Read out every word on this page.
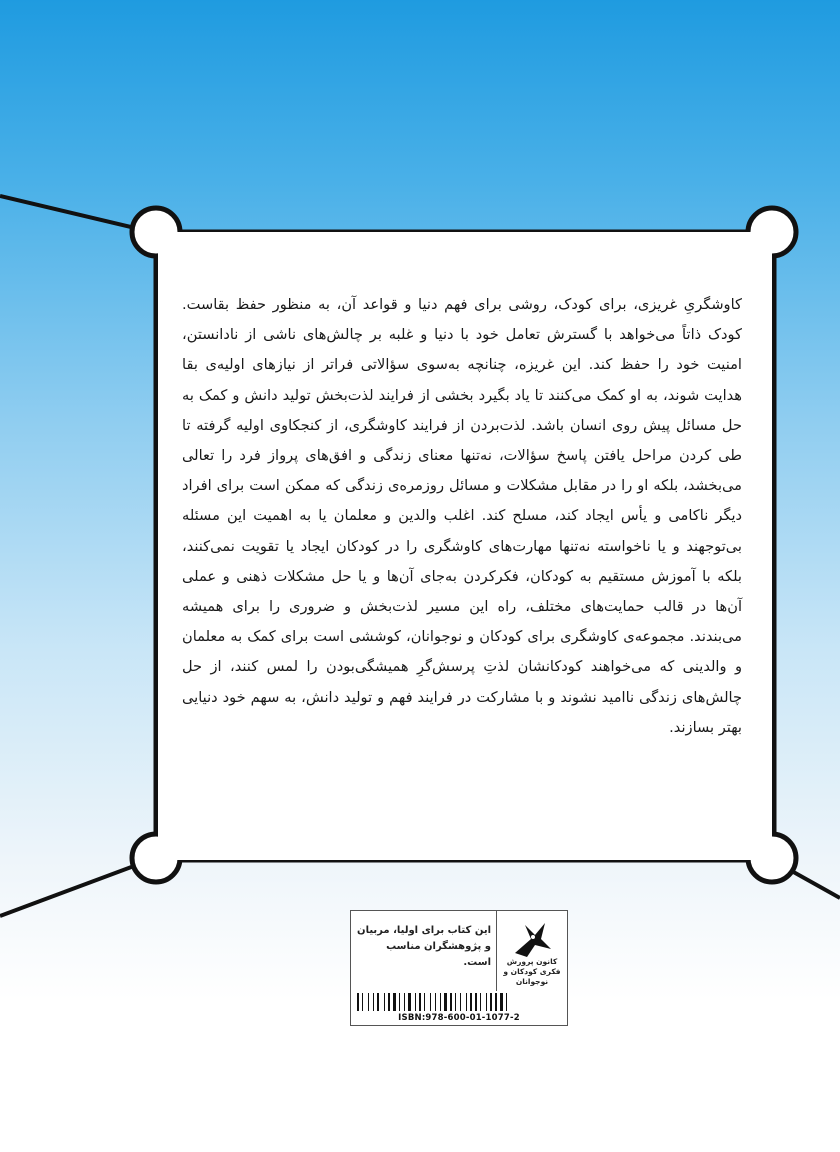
کاوشگریِ غریزی، برای کودک، روشی برای فهم دنیا و قواعد آن، به منظور حفظ بقاست. کودک ذاتاً می‌خواهد با گسترش تعامل خود با دنیا و غلبه بر چالش‌های ناشی از نادانستن، امنیت خود را حفظ کند. این غریزه، چنانچه به‌سوی سؤالاتی فراتر از نیازهای اولیه‌ی بقا هدایت شوند، به او کمک می‌کنند تا یاد بگیرد بخشی از فرایند لذت‌بخش تولید دانش و کمک به حل مسائل پیش روی انسان باشد. لذت‌بردن از فرایند کاوشگری، از کنجکاوی اولیه گرفته تا طی کردن مراحل یافتن پاسخ سؤالات، نه‌تنها معنای زندگی و افق‌های پرواز فرد را تعالی می‌بخشد، بلکه او را در مقابل مشکلات و مسائل روزمره‌ی زندگی که ممکن است برای افراد دیگر ناکامی و یأس ایجاد کند، مسلح کند. اغلب والدین و معلمان یا به اهمیت این مسئله بی‌توجهند و یا ناخواسته نه‌تنها مهارت‌های کاوشگری را در کودکان ایجاد یا تقویت نمی‌کنند، بلکه با آموزش مستقیم به کودکان، فکرکردن به‌جای آن‌ها و یا حل مشکلات ذهنی و عملی آن‌ها در قالب حمایت‌های مختلف، راه این مسیر لذت‌بخش و ضروری را برای همیشه می‌بندند. مجموعه‌ی کاوشگری برای کودکان و نوجوانان، کوششی است برای کمک به معلمان و والدینی که می‌خواهند کودکانشان لذتِ پرسش‌گرِ همیشگی‌بودن را لمس کنند، از حل چالش‌های زندگی ناامید نشوند و با مشارکت در فرایند فهم و تولید دانش، به سهم خود دنیایی بهتر بسازند.

این کتاب برای اولیا، مربیان و پژوهشگران مناسب است.	کانون پرورش فکری کودکان و نوجوانان
ISBN:978-600-01-1077-2
